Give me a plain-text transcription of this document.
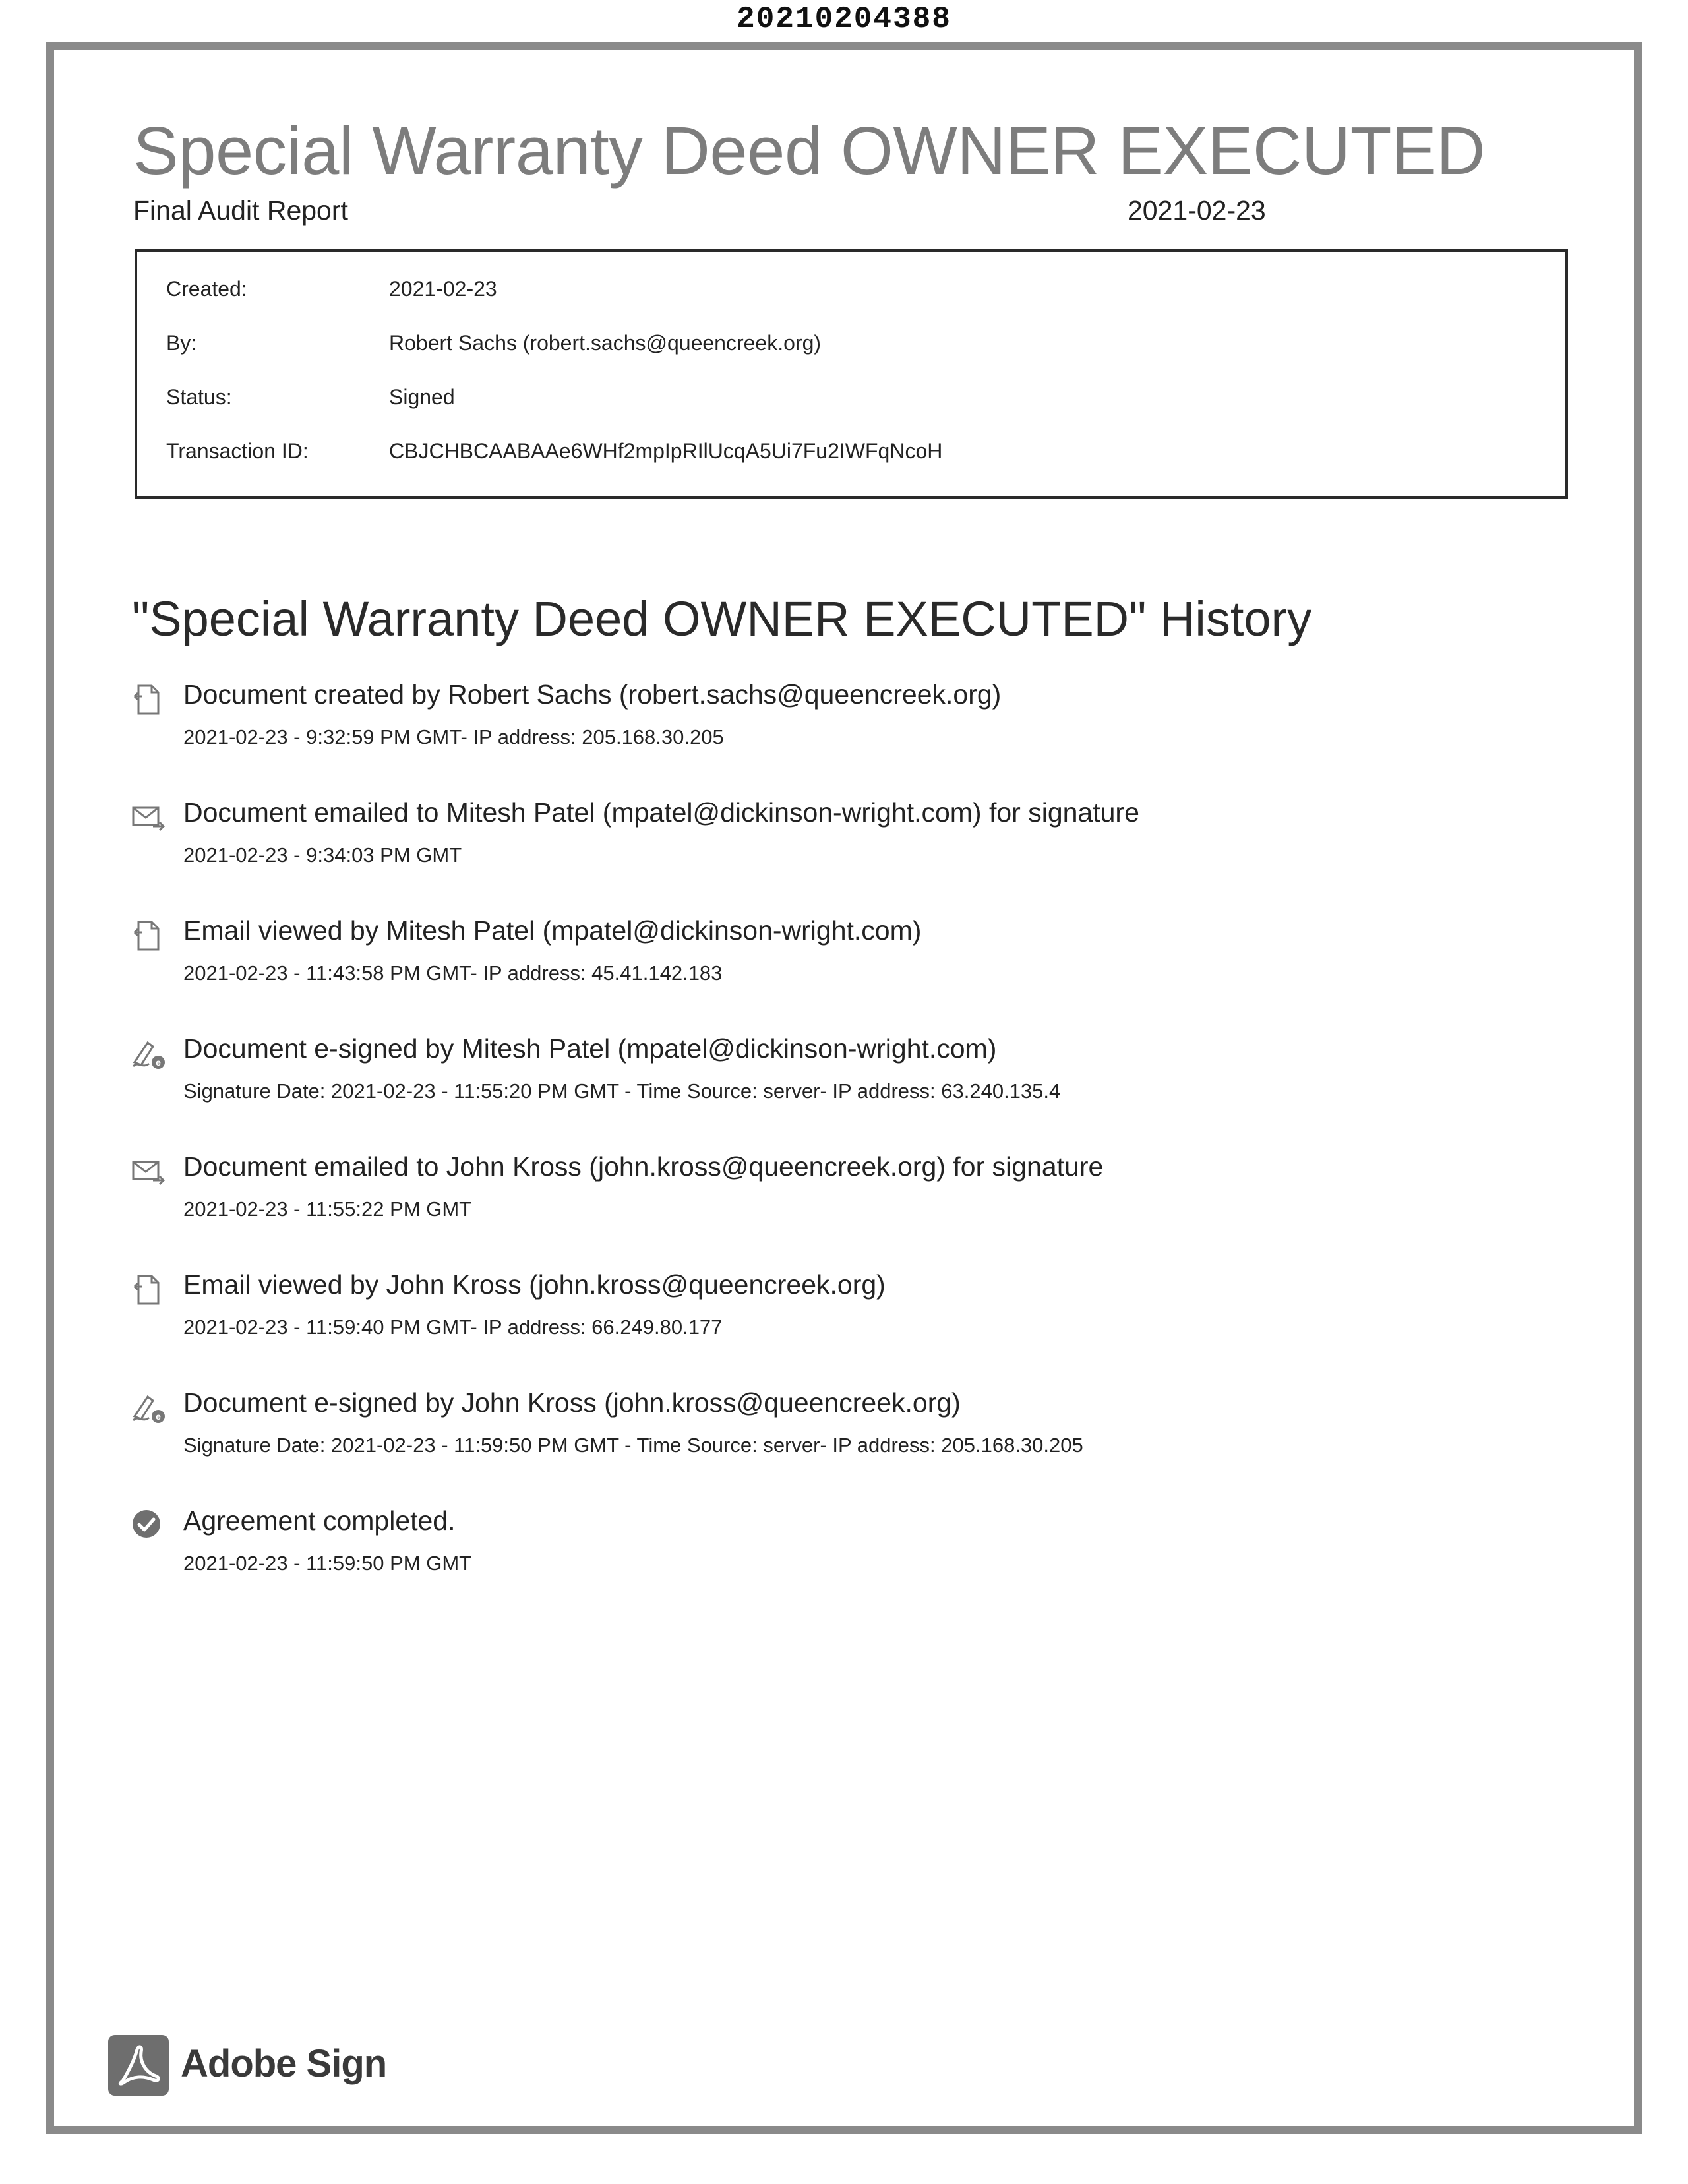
20210204388
Special Warranty Deed OWNER EXECUTED
Final Audit Report	2021-02-23
Created:	2021-02-23
By:	Robert Sachs (robert.sachs@queencreek.org)
Status:	Signed
Transaction ID:	CBJCHBCAABAAe6WHf2mpIpRIlUcqA5Ui7Fu2IWFqNcoH
"Special Warranty Deed OWNER EXECUTED" History
Document created by Robert Sachs (robert.sachs@queencreek.org)
2021-02-23 - 9:32:59 PM GMT- IP address: 205.168.30.205
Document emailed to Mitesh Patel (mpatel@dickinson-wright.com) for signature
2021-02-23 - 9:34:03 PM GMT
Email viewed by Mitesh Patel (mpatel@dickinson-wright.com)
2021-02-23 - 11:43:58 PM GMT- IP address: 45.41.142.183
e Document e-signed by Mitesh Patel (mpatel@dickinson-wright.com)
Signature Date: 2021-02-23 - 11:55:20 PM GMT - Time Source: server- IP address: 63.240.135.4
Document emailed to John Kross (john.kross@queencreek.org) for signature
2021-02-23 - 11:55:22 PM GMT
Email viewed by John Kross (john.kross@queencreek.org)
2021-02-23 - 11:59:40 PM GMT- IP address: 66.249.80.177
e Document e-signed by John Kross (john.kross@queencreek.org)
Signature Date: 2021-02-23 - 11:59:50 PM GMT - Time Source: server- IP address: 205.168.30.205
Agreement completed.
2021-02-23 - 11:59:50 PM GMT
Adobe Sign
